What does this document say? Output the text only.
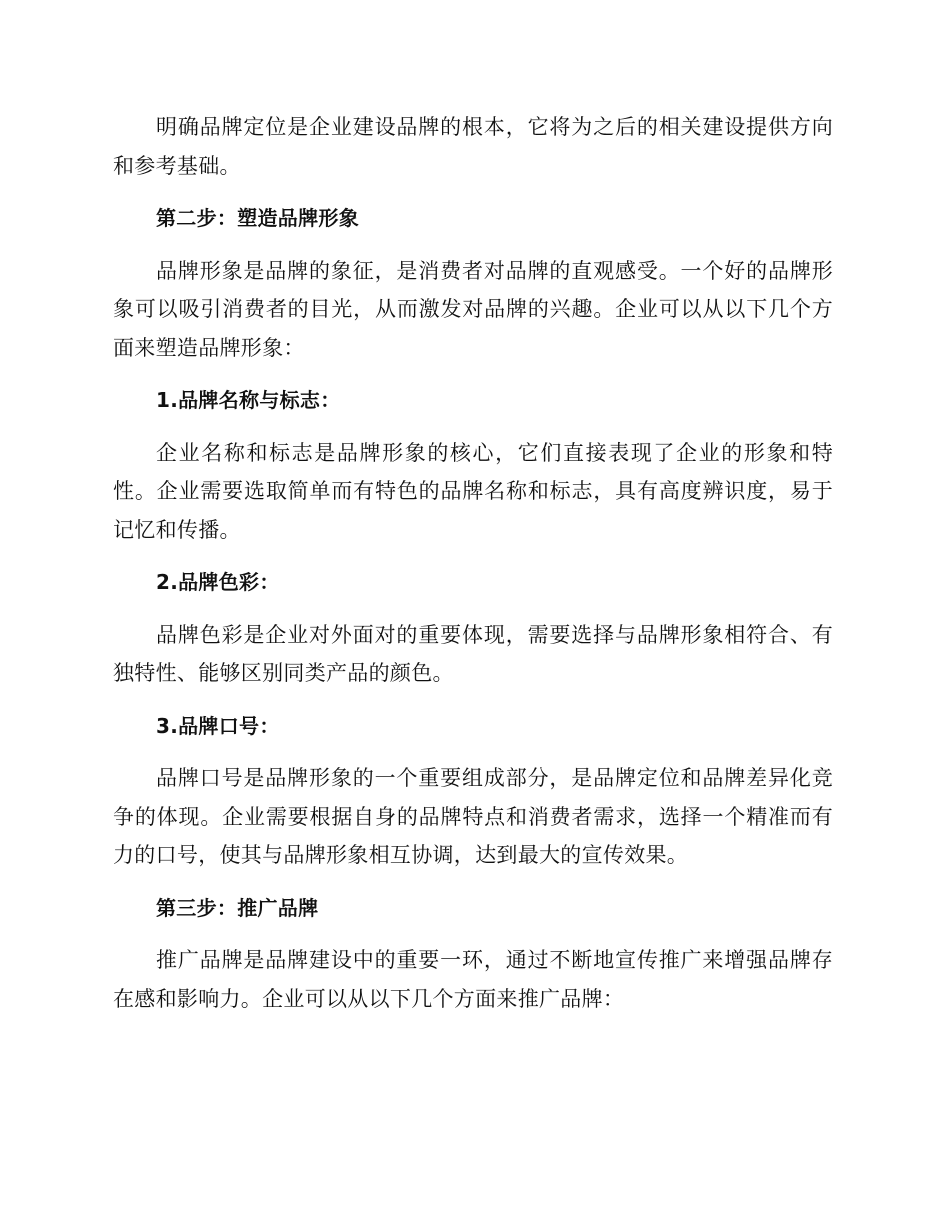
明确品牌定位是企业建设品牌的根本，它将为之后的相关建设提供方向和参考基础。

第二步：塑造品牌形象

品牌形象是品牌的象征，是消费者对品牌的直观感受。一个好的品牌形象可以吸引消费者的目光，从而激发对品牌的兴趣。企业可以从以下几个方面来塑造品牌形象：

1.品牌名称与标志：

企业名称和标志是品牌形象的核心，它们直接表现了企业的形象和特性。企业需要选取简单而有特色的品牌名称和标志，具有高度辨识度，易于记忆和传播。

2.品牌色彩：

品牌色彩是企业对外面对的重要体现，需要选择与品牌形象相符合、有独特性、能够区别同类产品的颜色。

3.品牌口号：

品牌口号是品牌形象的一个重要组成部分，是品牌定位和品牌差异化竞争的体现。企业需要根据自身的品牌特点和消费者需求，选择一个精准而有力的口号，使其与品牌形象相互协调，达到最大的宣传效果。

第三步：推广品牌

推广品牌是品牌建设中的重要一环，通过不断地宣传推广来增强品牌存在感和影响力。企业可以从以下几个方面来推广品牌：
